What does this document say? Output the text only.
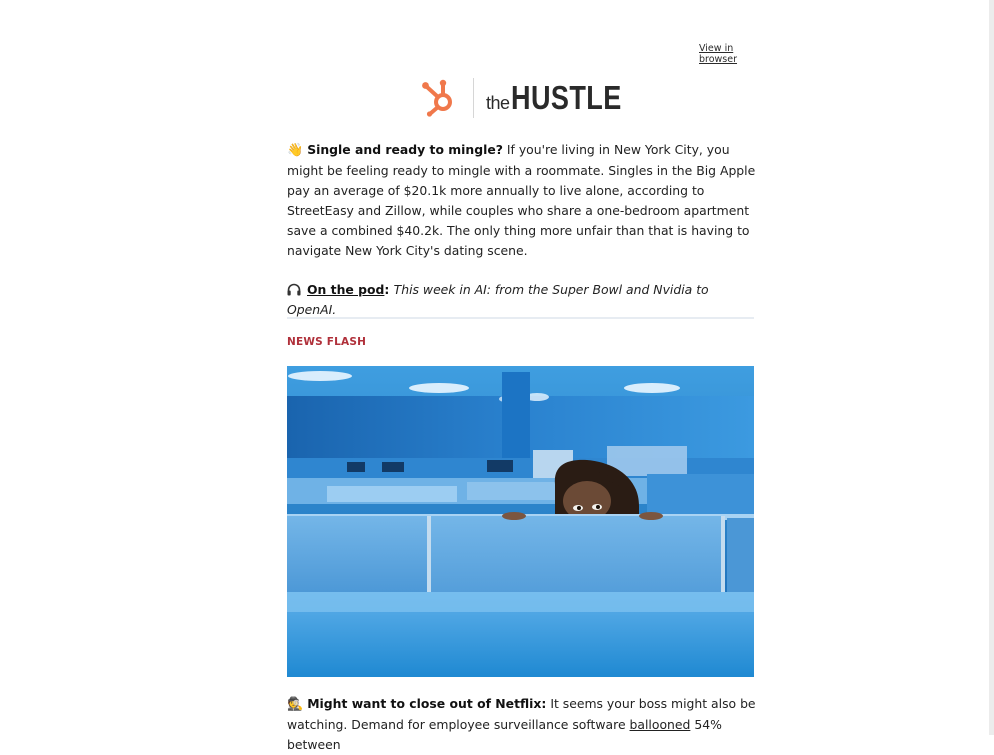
View in browser
the HUSTLE

👋 Single and ready to mingle? If you're living in New York City, you might be feeling ready to mingle with a roommate. Singles in the Big Apple pay an average of $20.1k more annually to live alone, according to StreetEasy and Zillow, while couples who share a one-bedroom apartment save a combined $40.2k. The only thing more unfair than that is having to navigate New York City's dating scene.

On the pod: This week in AI: from the Super Bowl and Nvidia to OpenAI.

NEWS FLASH

🕵️ Might want to close out of Netflix: It seems your boss might also be watching. Demand for employee surveillance software ballooned 54% between
